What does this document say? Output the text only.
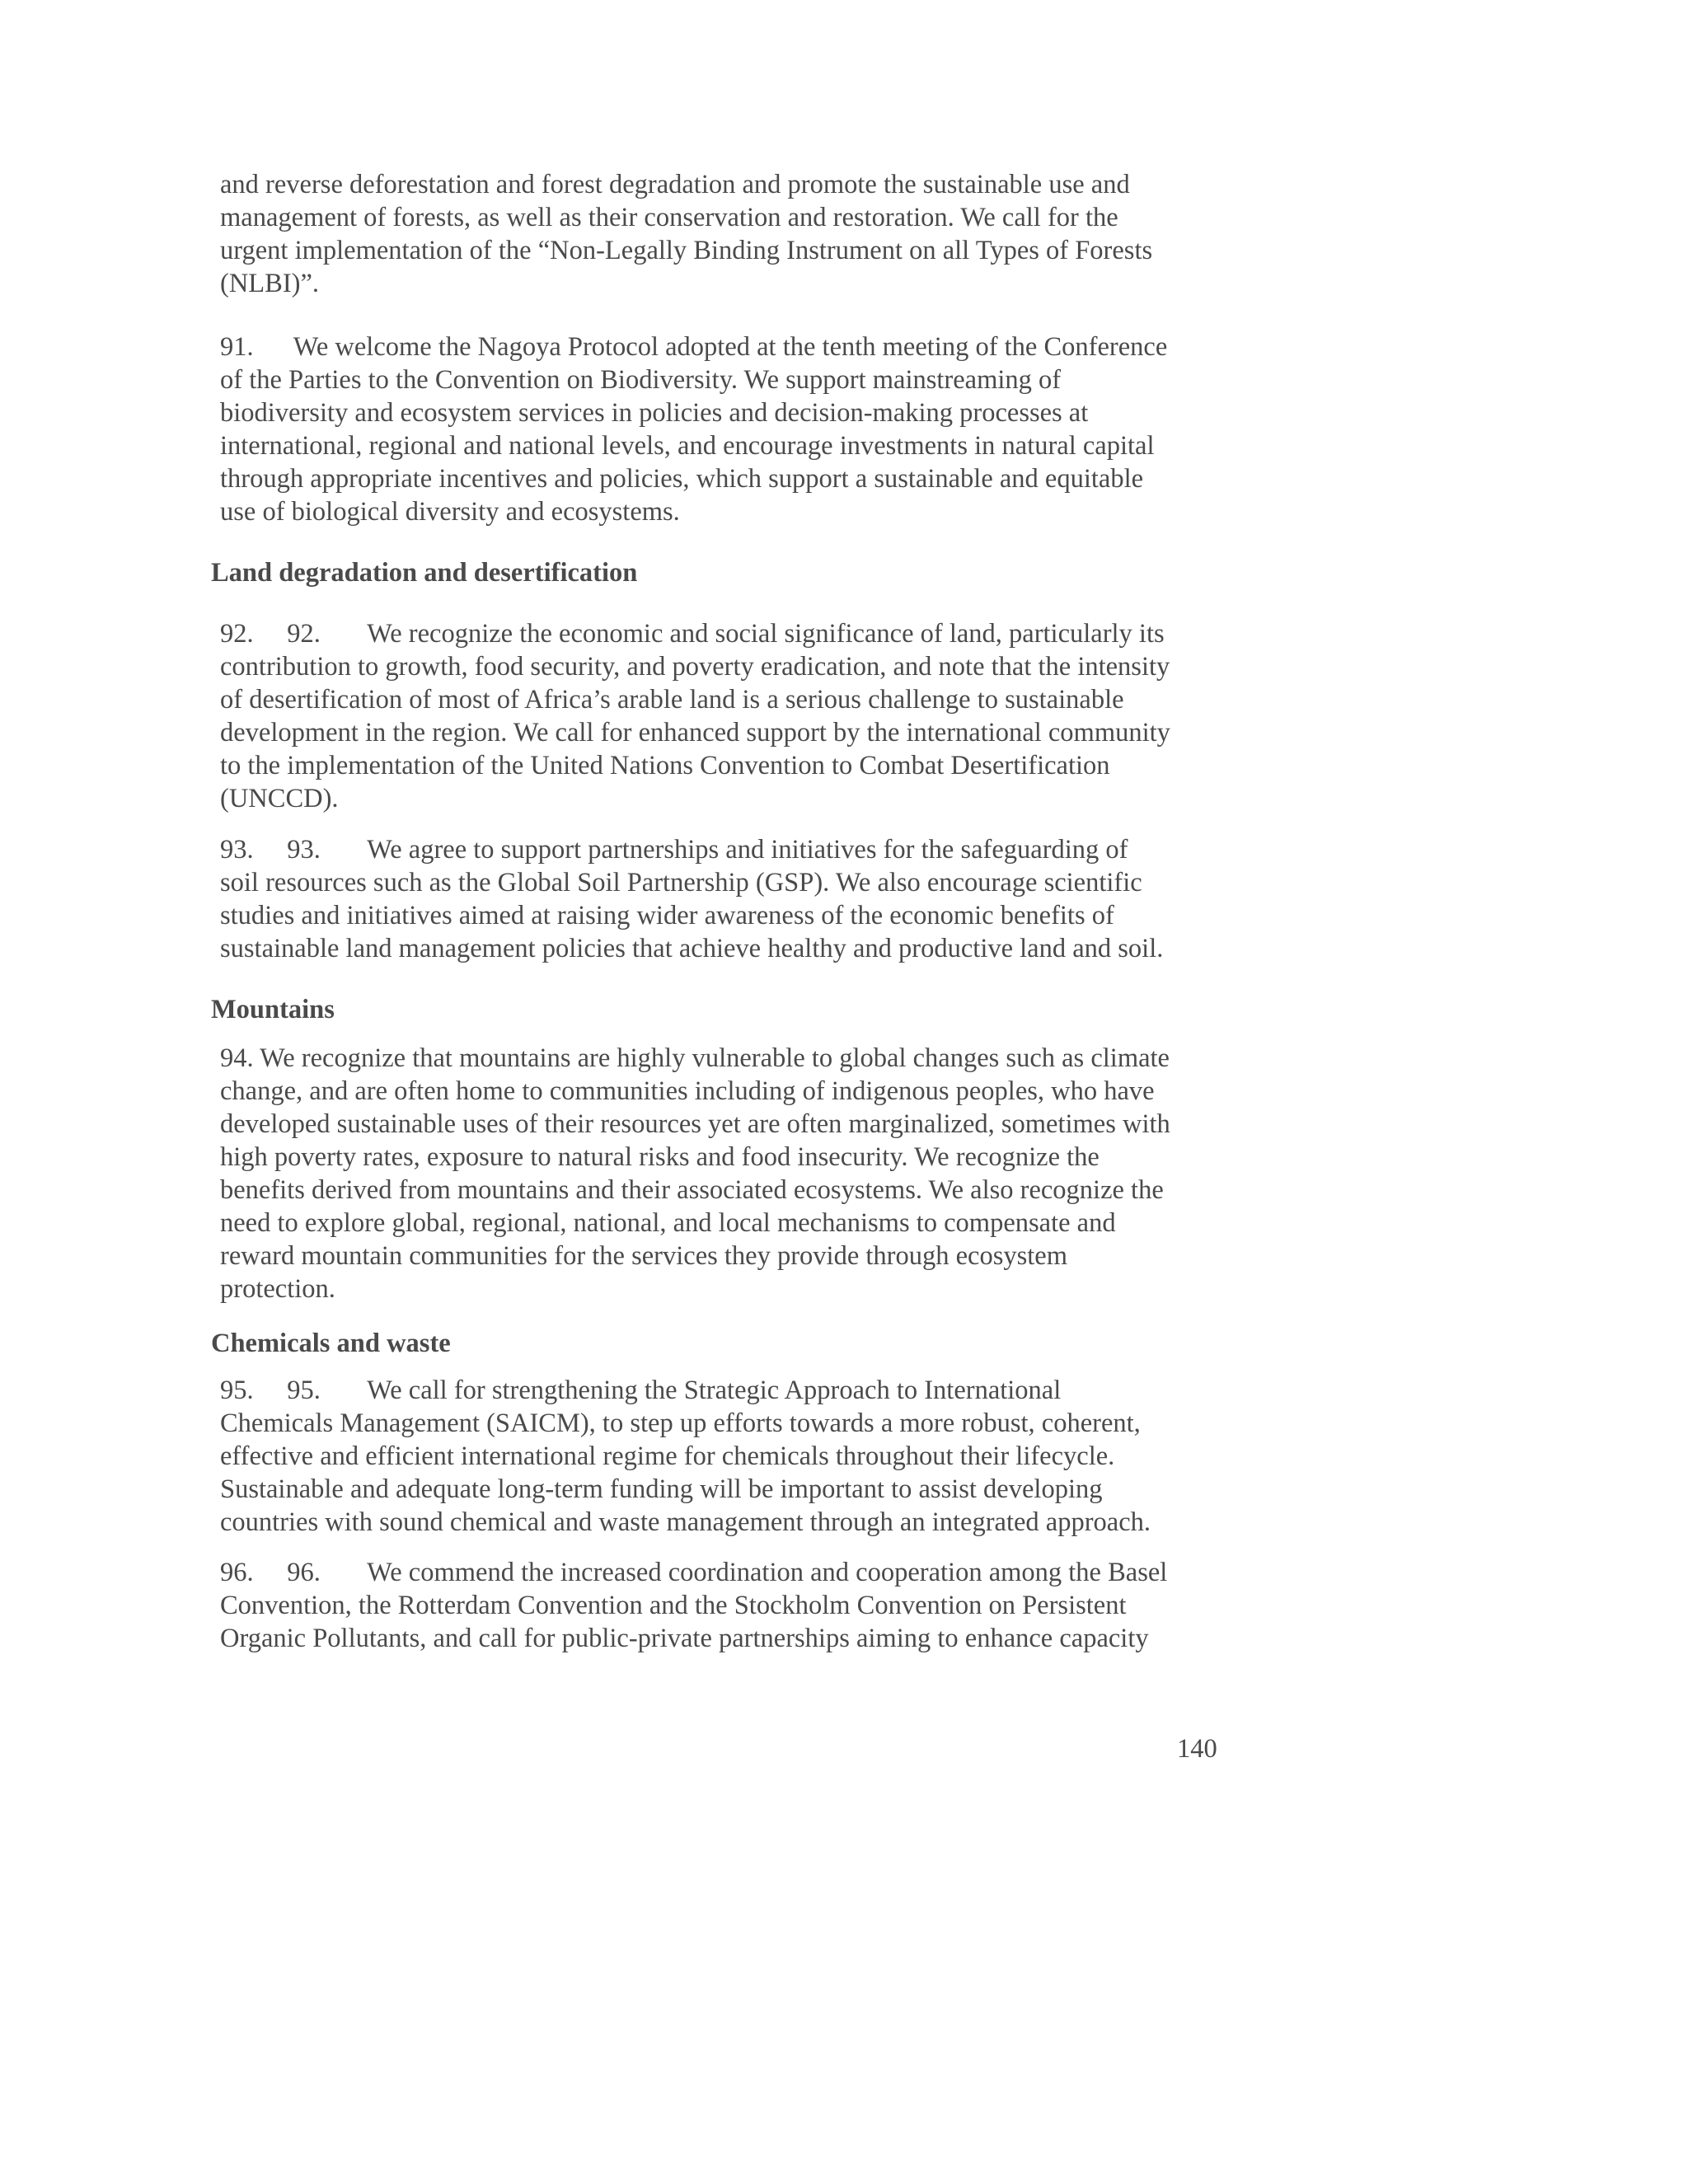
and reverse deforestation and forest degradation and promote the sustainable use and
management of forests, as well as their conservation and restoration. We call for the
urgent implementation of the “Non-Legally Binding Instrument on all Types of Forests
(NLBI)”.
91.      We welcome the Nagoya Protocol adopted at the tenth meeting of the Conference
of the Parties to the Convention on Biodiversity. We support mainstreaming of
biodiversity and ecosystem services in policies and decision-making processes at
international, regional and national levels, and encourage investments in natural capital
through appropriate incentives and policies, which support a sustainable and equitable
use of biological diversity and ecosystems.
Land degradation and desertification
92.     92.       We recognize the economic and social significance of land, particularly its
contribution to growth, food security, and poverty eradication, and note that the intensity
of desertification of most of Africa’s arable land is a serious challenge to sustainable
development in the region. We call for enhanced support by the international community
to the implementation of the United Nations Convention to Combat Desertification
(UNCCD).
93.     93.       We agree to support partnerships and initiatives for the safeguarding of
soil resources such as the Global Soil Partnership (GSP). We also encourage scientific
studies and initiatives aimed at raising wider awareness of the economic benefits of
sustainable land management policies that achieve healthy and productive land and soil.
Mountains
94. We recognize that mountains are highly vulnerable to global changes such as climate
change, and are often home to communities including of indigenous peoples, who have
developed sustainable uses of their resources yet are often marginalized, sometimes with
high poverty rates, exposure to natural risks and food insecurity. We recognize the
benefits derived from mountains and their associated ecosystems. We also recognize the
need to explore global, regional, national, and local mechanisms to compensate and
reward mountain communities for the services they provide through ecosystem
protection.
Chemicals and waste
95.     95.       We call for strengthening the Strategic Approach to International
Chemicals Management (SAICM), to step up efforts towards a more robust, coherent,
effective and efficient international regime for chemicals throughout their lifecycle.
Sustainable and adequate long-term funding will be important to assist developing
countries with sound chemical and waste management through an integrated approach.
96.     96.       We commend the increased coordination and cooperation among the Basel
Convention, the Rotterdam Convention and the Stockholm Convention on Persistent
Organic Pollutants, and call for public-private partnerships aiming to enhance capacity
140
